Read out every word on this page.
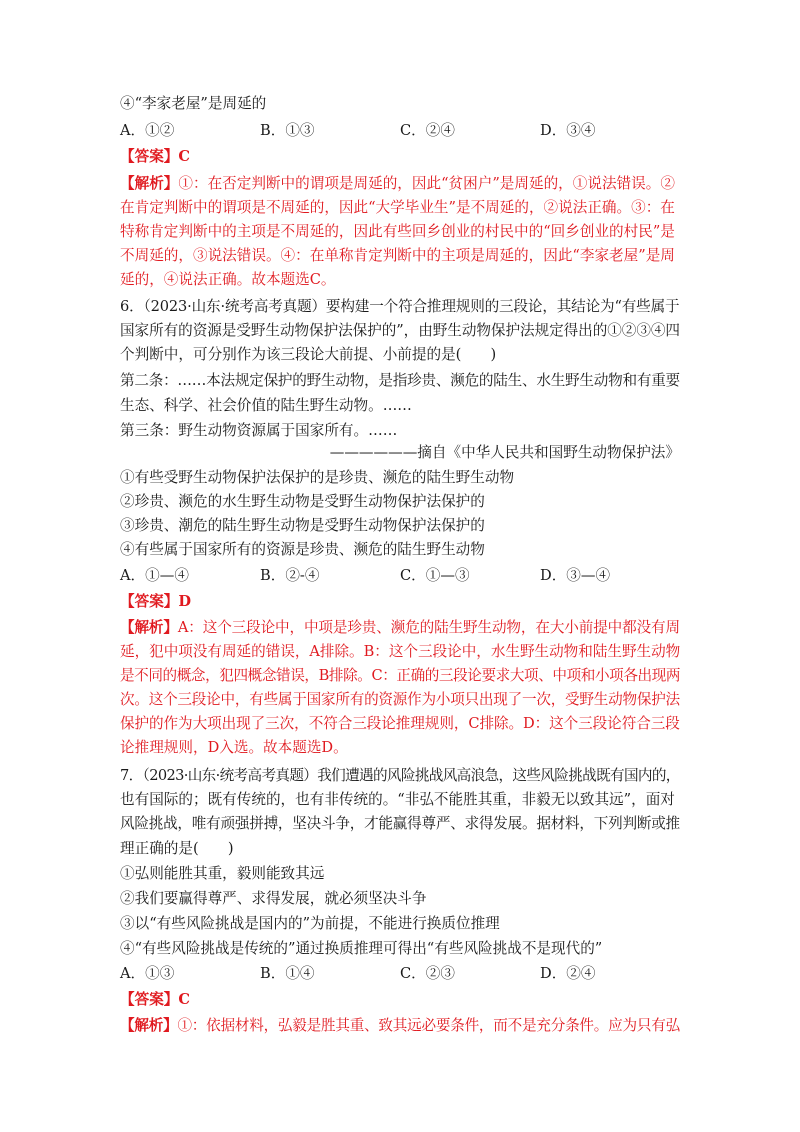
④“李家老屋”是周延的
A．①②	B．①③	C．②④	D．③④
【答案】C
【解析】①：在否定判断中的谓项是周延的，因此“贫困户”是周延的，①说法错误。②
在肯定判断中的谓项是不周延的，因此“大学毕业生”是不周延的，②说法正确。③：在
特称肯定判断中的主项是不周延的，因此有些回乡创业的村民中的“回乡创业的村民”是
不周延的，③说法错误。④：在单称肯定判断中的主项是周延的，因此“李家老屋”是周
延的，④说法正确。故本题选C。
6．（2023·山东·统考高考真题）要构建一个符合推理规则的三段论，其结论为“有些属于
国家所有的资源是受野生动物保护法保护的”，由野生动物保护法规定得出的①②③④四
个判断中，可分别作为该三段论大前提、小前提的是(　　)
第二条：……本法规定保护的野生动物，是指珍贵、濒危的陆生、水生野生动物和有重要
生态、科学、社会价值的陆生野生动物。……
第三条：野生动物资源属于国家所有。……
——————摘自《中华人民共和国野生动物保护法》
①有些受野生动物保护法保护的是珍贵、濒危的陆生野生动物
②珍贵、濒危的水生野生动物是受野生动物保护法保护的
③珍贵、潮危的陆生野生动物是受野生动物保护法保护的
④有些属于国家所有的资源是珍贵、濒危的陆生野生动物
A．①—④	B．②-④	C．①—③	D．③—④
【答案】D
【解析】A：这个三段论中，中项是珍贵、濒危的陆生野生动物，在大小前提中都没有周
延，犯中项没有周延的错误，A排除。B：这个三段论中，水生野生动物和陆生野生动物
是不同的概念，犯四概念错误，B排除。C：正确的三段论要求大项、中项和小项各出现两
次。这个三段论中，有些属于国家所有的资源作为小项只出现了一次，受野生动物保护法
保护的作为大项出现了三次，不符合三段论推理规则，C排除。D：这个三段论符合三段
论推理规则，D入选。故本题选D。
7．（2023·山东·统考高考真题）我们遭遇的风险挑战风高浪急，这些风险挑战既有国内的，
也有国际的；既有传统的，也有非传统的。“非弘不能胜其重，非毅无以致其远”，面对
风险挑战，唯有顽强拼搏，坚决斗争，才能赢得尊严、求得发展。据材料，下列判断或推
理正确的是(　　)
①弘则能胜其重，毅则能致其远
②我们要赢得尊严、求得发展，就必须坚决斗争
③以“有些风险挑战是国内的”为前提，不能进行换质位推理
④“有些风险挑战是传统的”通过换质推理可得出“有些风险挑战不是现代的”
A．①③	B．①④	C．②③	D．②④
【答案】C
【解析】①：依据材料，弘毅是胜其重、致其远必要条件，而不是充分条件。应为只有弘
